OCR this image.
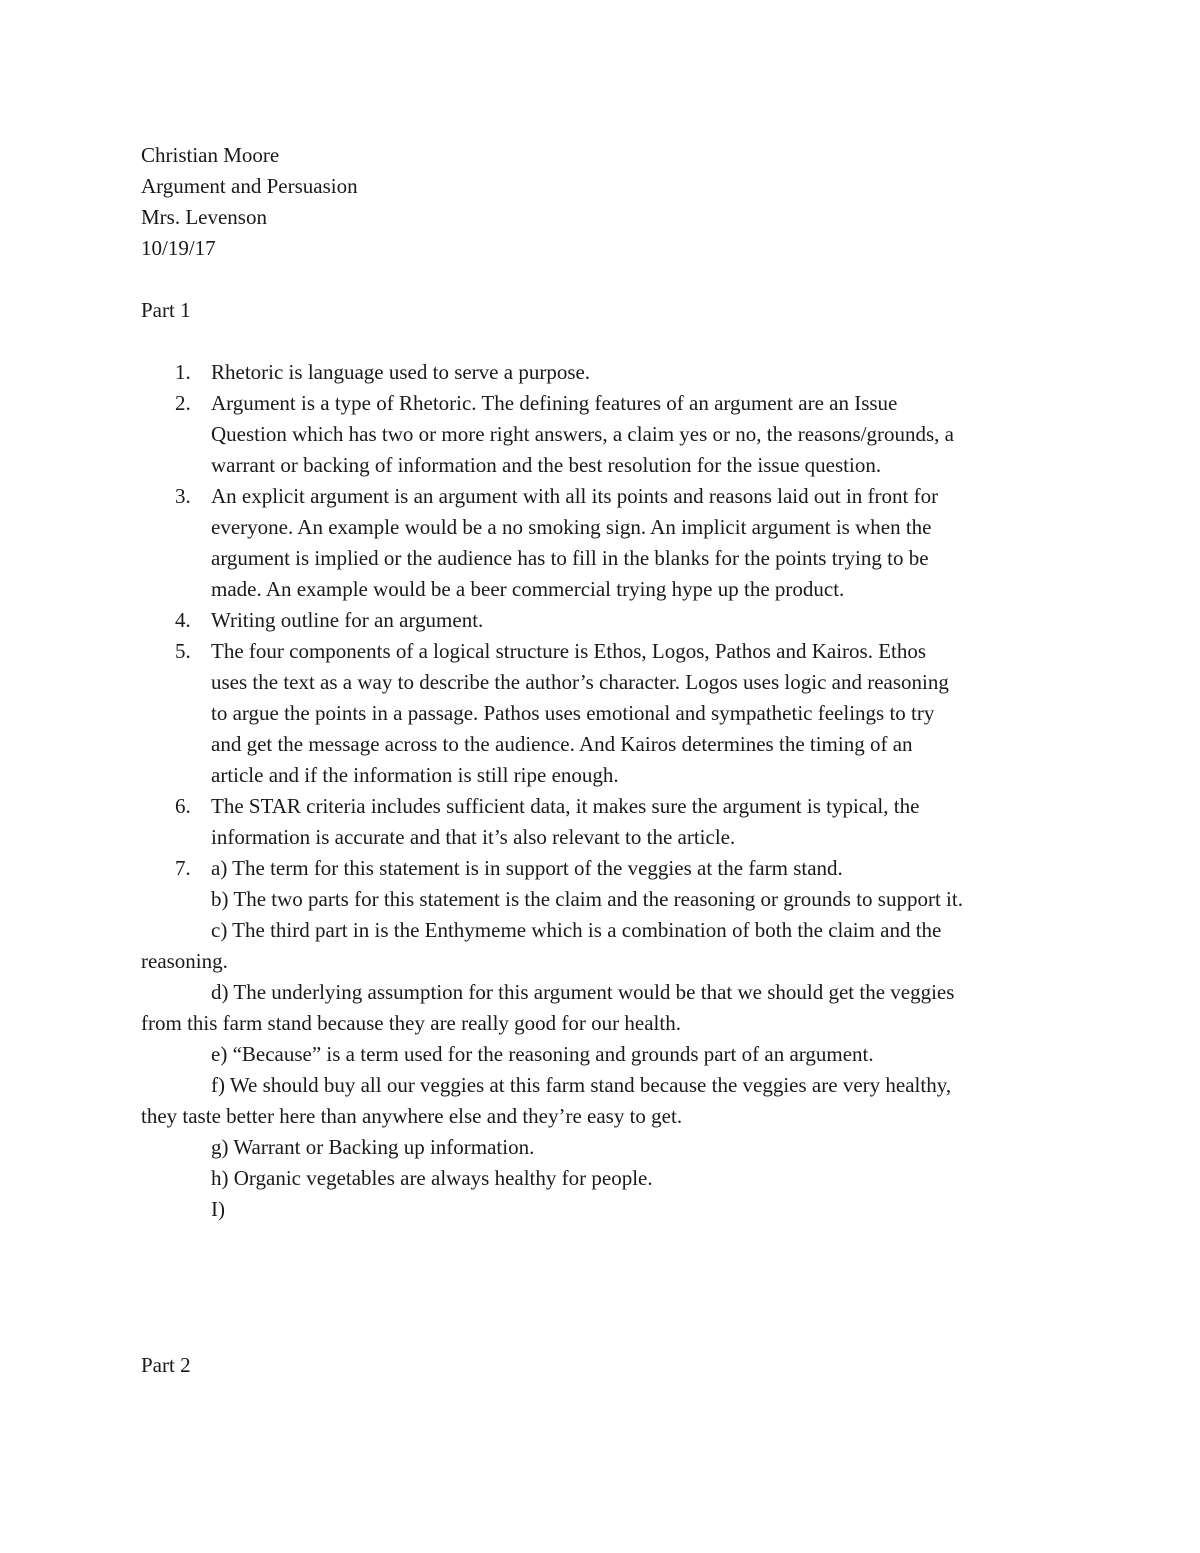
Christian Moore
Argument and Persuasion
Mrs. Levenson
10/19/17
Part 1
1. Rhetoric is language used to serve a purpose.
2. Argument is a type of Rhetoric. The defining features of an argument are an Issue
Question which has two or more right answers, a claim yes or no, the reasons/grounds, a
warrant or backing of information and the best resolution for the issue question.
3. An explicit argument is an argument with all its points and reasons laid out in front for
everyone. An example would be a no smoking sign. An implicit argument is when the
argument is implied or the audience has to fill in the blanks for the points trying to be
made. An example would be a beer commercial trying hype up the product.
4. Writing outline for an argument.
5. The four components of a logical structure is Ethos, Logos, Pathos and Kairos. Ethos
uses the text as a way to describe the author’s character. Logos uses logic and reasoning
to argue the points in a passage. Pathos uses emotional and sympathetic feelings to try
and get the message across to the audience. And Kairos determines the timing of an
article and if the information is still ripe enough.
6. The STAR criteria includes sufficient data, it makes sure the argument is typical, the
information is accurate and that it’s also relevant to the article.
7. a) The term for this statement is in support of the veggies at the farm stand.
b) The two parts for this statement is the claim and the reasoning or grounds to support it.
c) The third part in is the Enthymeme which is a combination of both the claim and the
reasoning.
d) The underlying assumption for this argument would be that we should get the veggies
from this farm stand because they are really good for our health.
e) “Because” is a term used for the reasoning and grounds part of an argument.
f) We should buy all our veggies at this farm stand because the veggies are very healthy,
they taste better here than anywhere else and they’re easy to get.
g) Warrant or Backing up information.
h) Organic vegetables are always healthy for people.
I)
Part 2
